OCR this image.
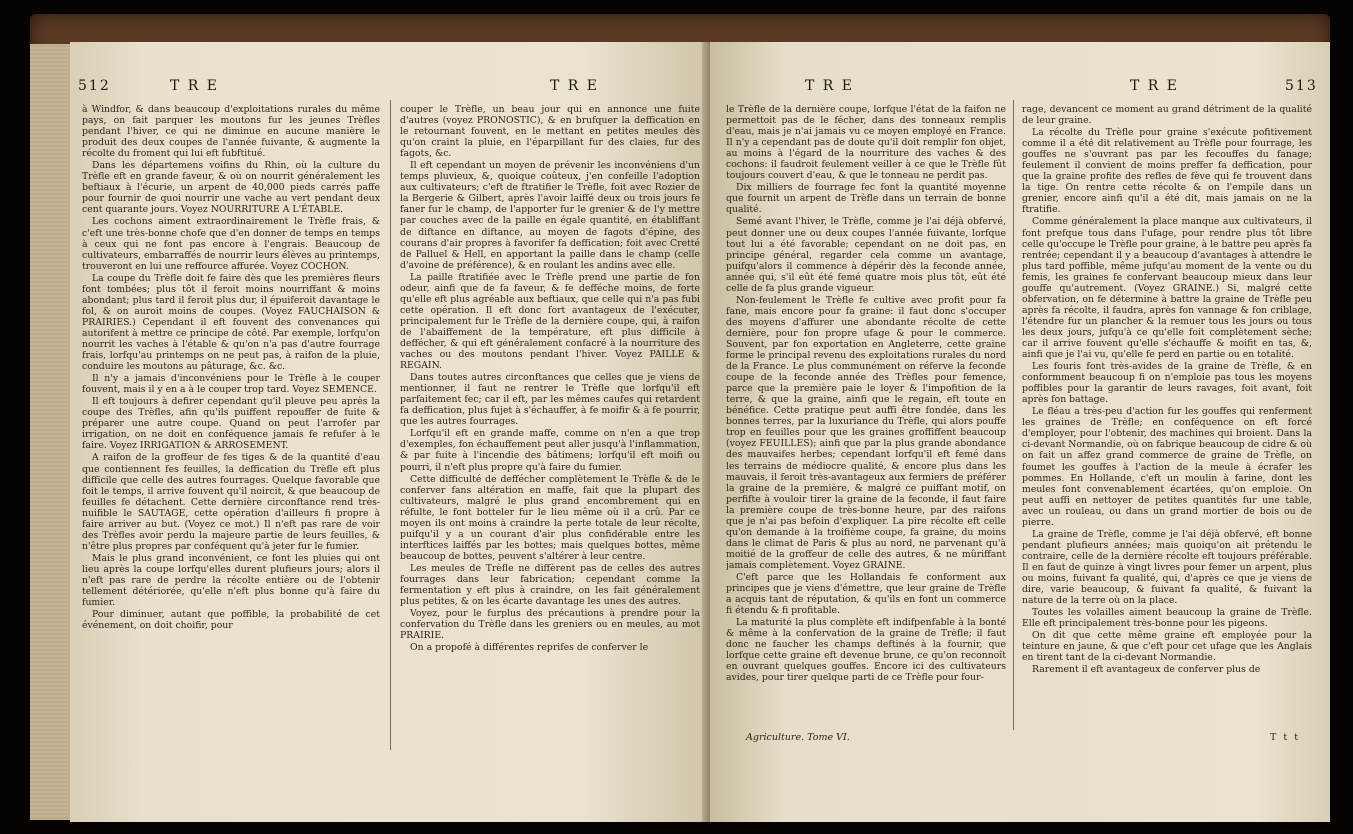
512	T R E	T R E

à Windfor, & dans beaucoup d'exploitations rurales du même pays, on fait parquer les moutons fur les jeunes Trèfles pendant l'hiver, ce qui ne diminue en aucune manière le produit des deux coupes de l'année fuivante, & augmente la récolte du froment qui lui eft fubftitué.

Dans les départemens voifins du Rhin, où la culture du Trèfle eft en grande faveur, & où on nourrit généralement les beftiaux à l'écurie, un arpent de 40,000 pieds carrés paffe pour fournir de quoi nourrir une vache au vert pendant deux cent quarante jours. Voyez NOURRITURE A L'ÉTABLE.

Les cochons aiment extraordinairement le Trèfle frais, & c'eft une très-bonne chofe que d'en donner de temps en temps à ceux qui ne font pas encore à l'engrais. Beaucoup de cultivateurs, embarraffés de nourrir leurs élèves au printemps, trouveront en lui une reffource affurée. Voyez COCHON.

La coupe du Trèfle doit fe faire dès que les premières fleurs font tombées; plus tôt il feroit moins nourriffant & moins abondant; plus tard il feroit plus dur, il épuiferoit davantage le fol, & on auroit moins de coupes. (Voyez FAUCHAISON & PRAIRIES.) Cependant il eft fouvent des convenances qui autorifent à mettre ce principe de côté. Par exemple, lorfqu'on nourrit les vaches à l'étable & qu'on n'a pas d'autre fourrage frais, lorfqu'au printemps on ne peut pas, à raifon de la pluie, conduire les moutons au pâturage, &c. &c.

Il n'y a jamais d'inconvéniens pour le Trèfle à le couper fouvent, mais il y en a à le couper trop tard. Voyez SEMENCE.

Il eft toujours à defirer cependant qu'il pleuve peu après la coupe des Trèfles, afin qu'ils puiffent repouffer de fuite & préparer une autre coupe. Quand on peut l'arrofer par irrigation, on ne doit en conféquence jamais fe refufer à le faire. Voyez IRRIGATION & ARROSEMENT.

A raifon de la groffeur de fes tiges & de la quantité d'eau que contiennent fes feuilles, la deffication du Trèfle eft plus difficile que celle des autres fourrages. Quelque favorable que foit le temps, il arrive fouvent qu'il noircit, & que beaucoup de feuilles fe détachent. Cette dernière circonftance rend très-nuifible le SAUTAGE, cette opération d'ailleurs fi propre à faire arriver au but. (Voyez ce mot.) Il n'eft pas rare de voir des Trèfles avoir perdu la majeure partie de leurs feuilles, & n'être plus propres par conféquent qu'à jeter fur le fumier.

Mais le plus grand inconvénient, ce font les pluies qui ont lieu après la coupe lorfqu'elles durent plufieurs jours; alors il n'eft pas rare de perdre la récolte entière ou de l'obtenir tellement détériorée, qu'elle n'eft plus bonne qu'à faire du fumier.

Pour diminuer, autant que poffible, la probabilité de cet événement, on doit choifir, pour

couper le Trèfle, un beau jour qui en annonce une fuite d'autres (voyez PRONOSTIC), & en brufquer la deffication en le retournant fouvent, en le mettant en petites meules dès qu'on craint la pluie, en l'éparpillant fur des claies, fur des fagots, &c.

Il eft cependant un moyen de prévenir les inconvéniens d'un temps pluvieux, &, quoique coûteux, j'en confeille l'adoption aux cultivateurs; c'eft de ftratifier le Trèfle, foit avec Rozier de la Bergerie & Gilbert, après l'avoir laiffé deux ou trois jours fe faner fur le champ, de l'apporter fur le grenier & de l'y mettre par couches avec de la paille en égale quantité, en établiffant de diftance en diftance, au moyen de fagots d'épine, des courans d'air propres à favorifer fa deffication; foit avec Cretté de Palluel & Hell, en apportant la paille dans le champ (celle d'avoine de préférence), & en roulant les andins avec elle.

La paille ftratifiée avec le Trèfle prend une partie de fon odeur, ainfi que de fa faveur, & fe defféche moins, de forte qu'elle eft plus agréable aux beftiaux, que celle qui n'a pas fubi cette opération. Il eft donc fort avantageux de l'exécuter, principalement fur le Trèfle de la dernière coupe, qui, à raifon de l'abaiffement de la température, eft plus difficile à deffécher, & qui eft généralement confacré à la nourriture des vaches ou des moutons pendant l'hiver. Voyez PAILLE & REGAIN.

Dans toutes autres circonftances que celles que je viens de mentionner, il faut ne rentrer le Trèfle que lorfqu'il eft parfaitement fec; car il eft, par les mêmes caufes qui retardent fa deffication, plus fujet à s'échauffer, à fe moifir & à fe pourrir, que les autres fourrages.

Lorfqu'il eft en grande maffe, comme on n'en a que trop d'exemples, fon échauffement peut aller jusqu'à l'inflammation, & par fuite à l'incendie des bâtimens; lorfqu'il eft moifi ou pourri, il n'eft plus propre qu'à faire du fumier.

Cette difficulté de deffécher complètement le Trèfle & de le conferver fans altération en maffe, fait que la plupart des cultivateurs, malgré le plus grand encombrement qui en réfulte, le font botteler fur le lieu même où il a crû. Par ce moyen ils ont moins à craindre la perte totale de leur récolte, puifqu'il y a un courant d'air plus confidérable entre les interftices laiffés par les bottes; mais quelques bottes, même beaucoup de bottes, peuvent s'altérer à leur centre.

Les meules de Trèfle ne diffèrent pas de celles des autres fourrages dans leur fabrication; cependant comme la fermentation y eft plus à craindre, on les fait généralement plus petites, & on les écarte davantage les unes des autres.

Voyez, pour le furplus des précautions à prendre pour la confervation du Trèfle dans les greniers ou en meules, au mot PRAIRIE.

On a propofé à différentes reprifes de conferver le

T R E	T R E	513

le Trèfle de la dernière coupe, lorfque l'état de la faifon ne permettoit pas de le fécher, dans des tonneaux remplis d'eau, mais je n'ai jamais vu ce moyen employé en France. Il n'y a cependant pas de doute qu'il doit remplir fon objet, au moins à l'égard de la nourriture des vaches & des cochons: il faudroit feulement veiller à ce que le Trèfle fût toujours couvert d'eau, & que le tonneau ne perdit pas.

Dix milliers de fourrage fec font la quantité moyenne que fournit un arpent de Trèfle dans un terrain de bonne qualité.

Semé avant l'hiver, le Trèfle, comme je l'ai déjà obfervé, peut donner une ou deux coupes l'année fuivante, lorfque tout lui a été favorable; cependant on ne doit pas, en principe général, regarder cela comme un avantage, puifqu'alors il commence à dépérir dès la feconde année, année qui, s'il eût été femé quatre mois plus tôt, eût été celle de fa plus grande vigueur.

Non-feulement le Trèfle fe cultive avec profit pour fa fane, mais encore pour fa graine: il faut donc s'occuper des moyens d'affurer une abondante récolte de cette dernière, pour fon propre ufage & pour le commerce. Souvent, par fon exportation en Angleterre, cette graine forme le principal revenu des exploitations rurales du nord de la France. Le plus communément on réferve la feconde coupe de la feconde année des Trèfles pour femence, parce que la première paie le loyer & l'impofition de la terre, & que la graine, ainfi que le regain, eft toute en bénéfice. Cette pratique peut auffi être fondée, dans les bonnes terres, par la luxuriance du Trèfle, qui alors pouffe trop en feuilles pour que les graines groffiffent beaucoup (voyez FEUILLES); ainfi que par la plus grande abondance des mauvaifes herbes; cependant lorfqu'il eft femé dans les terrains de médiocre qualité, & encore plus dans les mauvais, il feroit très-avantageux aux fermiers de préférer la graine de la première, & malgré ce puiffant motif, on perfifte à vouloir tirer la graine de la feconde, il faut faire la première coupe de très-bonne heure, par des raifons que je n'ai pas befoin d'expliquer. La pire récolte eft celle qu'on demande à la troifième coupe, fa graine, du moins dans le climat de Paris & plus au nord, ne parvenant qu'à moitié de la groffeur de celle des autres, & ne mûriffant jamais complètement. Voyez GRAINE.

C'eft parce que les Hollandais fe conforment aux principes que je viens d'émettre, que leur graine de Trèfle a acquis tant de réputation, & qu'ils en font un commerce fi étendu & fi profitable.

La maturité la plus complète eft indifpenfable à la bonté & même à la confervation de la graine de Trèfle; il faut donc ne faucher les champs deftinés à la fournir, que lorfque cette graine eft devenue brune, ce qu'on reconnoît en ouvrant quelques gouffes. Encore ici des cultivateurs avides, pour tirer quelque parti de ce Trèfle pour four-

rage, devancent ce moment au grand détriment de la qualité de leur graine.

La récolte du Trèfle pour graine s'exécute pofitivement comme il a été dit relativement au Trèfle pour fourrage, les gouffes ne s'ouvrant pas par les fecouffes du fanage; feulement il convient de moins preffer fa deffication, pour que la graine profite des refles de fève qui fe trouvent dans la tige. On rentre cette récolte & on l'empile dans un grenier, encore ainfi qu'il a été dit, mais jamais on ne la ftratifie.

Comme généralement la place manque aux cultivateurs, il font prefque tous dans l'ufage, pour rendre plus tôt libre celle qu'occupe le Trèfle pour graine, à le battre peu après fa rentrée; cependant il y a beaucoup d'avantages à attendre le plus tard poffible, même jufqu'au moment de la vente ou du femis, les graines fe confervant beaucoup mieux dans leur gouffe qu'autrement. (Voyez GRAINE.) Si, malgré cette obfervation, on fe détermine à battre la graine de Trèfle peu après fa récolte, il faudra, après fon vannage & fon criblage, l'étendre fur un plancher & la remuer tous les jours ou tous les deux jours, jufqu'à ce qu'elle foit complètement sèche; car il arrive fouvent qu'elle s'échauffe & moifit en tas, &, ainfi que je l'ai vu, qu'elle fe perd en partie ou en totalité.

Les fouris font très-avides de la graine de Trèfle, & en conformment beaucoup fi on n'emploie pas tous les moyens poffibles pour la garantir de leurs ravages, foit avant, foit après fon battage.

Le fléau a très-peu d'action fur les gouffes qui renferment les graines de Trèfle; en conféquence on eft forcé d'employer, pour l'obtenir, des machines qui broient. Dans la ci-devant Normandie, où on fabrique beaucoup de cidre & où on fait un affez grand commerce de graine de Trèfle, on foumet les gouffes à l'action de la meule à écrafer les pommes. En Hollande, c'eft un moulin à farine, dont les meules font convenablement écartées, qu'on emploie. On peut auffi en nettoyer de petites quantités fur une table, avec un rouleau, ou dans un grand mortier de bois ou de pierre.

La graine de Trèfle, comme je l'ai déjà obfervé, eft bonne pendant plufieurs années; mais quoiqu'on ait prétendu le contraire, celle de la dernière récolte eft toujours préférable. Il en faut de quinze à vingt livres pour femer un arpent, plus ou moins, fuivant fa qualité, qui, d'après ce que je viens de dire, varie beaucoup, & fuivant fa qualité, & fuivant la nature de la terre où on la place.

Toutes les volailles aiment beaucoup la graine de Trèfle. Elle eft principalement très-bonne pour les pigeons.

On dit que cette même graine eft employée pour la teinture en jaune, & que c'eft pour cet ufage que les Anglais en tirent tant de la ci-devant Normandie.

Rarement il eft avantageux de conferver plus de

Agriculture. Tome VI.	T t t
